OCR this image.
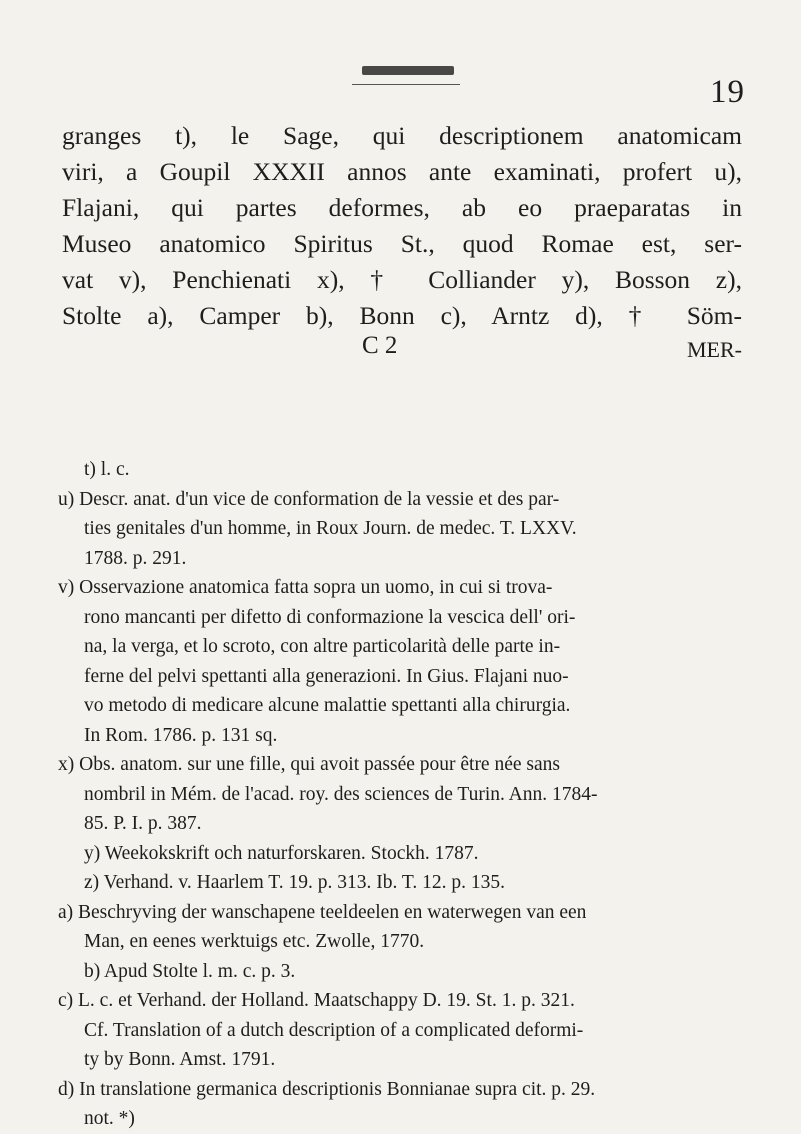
19
granges t), le Sage, qui descriptionem anatomicam
viri, a Goupil XXXII annos ante examinati, profert u),
Flajani, qui partes deformes, ab eo praeparatas in
Museo anatomico Spiritus St., quod Romae est, ser-
vat v), Penchienati x), † Colliander y), Bosson z),
Stolte a), Camper b), Bonn c), Arntz d), † Söm-
C 2	MER-
t) l. c.
u) Descr. anat. d'un vice de conformation de la vessie et des par-
ties genitales d'un homme, in Roux Journ. de medec. T. LXXV.
1788. p. 291.
v) Osservazione anatomica fatta sopra un uomo, in cui si trova-
rono mancanti per difetto di conformazione la vescica dell' ori-
na, la verga, et lo scroto, con altre particolarità delle parte in-
ferne del pelvi spettanti alla generazioni. In Gius. Flajani nuo-
vo metodo di medicare alcune malattie spettanti alla chirurgia.
In Rom. 1786. p. 131 sq.
x) Obs. anatom. sur une fille, qui avoit passée pour être née sans
nombril in Mém. de l'acad. roy. des sciences de Turin. Ann. 1784-
85. P. I. p. 387.
y) Weekokskrift och naturforskaren. Stockh. 1787.
z) Verhand. v. Haarlem T. 19. p. 313. Ib. T. 12. p. 135.
a) Beschryving der wanschapene teeldeelen en waterwegen van een
Man, en eenes werktuigs etc. Zwolle, 1770.
b) Apud Stolte l. m. c. p. 3.
c) L. c. et Verhand. der Holland. Maatschappy D. 19. St. 1. p. 321.
Cf. Translation of a dutch description of a complicated deformi-
ty by Bonn. Amst. 1791.
d) In translatione germanica descriptionis Bonnianae supra cit. p. 29.
not. *)
